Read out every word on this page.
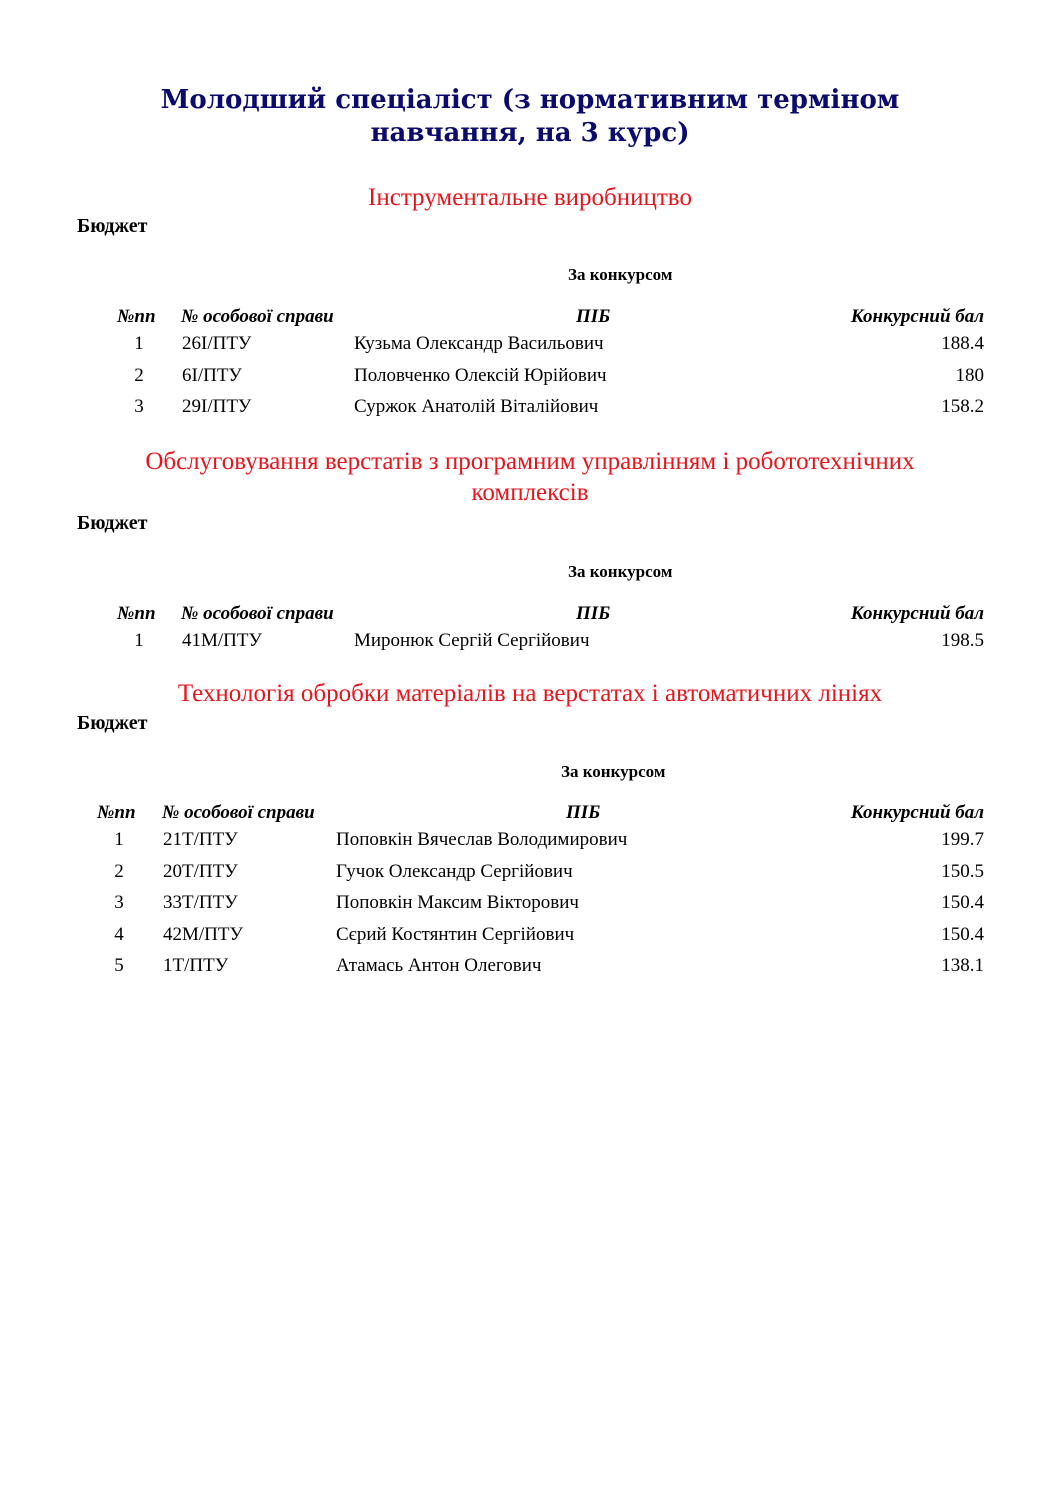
Молодший спеціаліст (з нормативним терміном
навчання, на 3 курс)
Інструментальне виробництво
Бюджет
За конкурсом
№пп № особової справи	ПІБ	Конкурсний бал
1	26І/ПТУ	Кузьма Олександр Васильович	188.4
2	6І/ПТУ	Половченко Олексій Юрійович	180
3	29І/ПТУ	Суржок Анатолій Віталійович	158.2
Обслуговування верстатів з програмним управлінням і робототехнічних
комплексів
Бюджет
За конкурсом
№пп № особової справи	ПІБ	Конкурсний бал
1	41М/ПТУ	Миронюк Сергій Сергійович	198.5
Технологія обробки матеріалів на верстатах і автоматичних лініях
Бюджет
За конкурсом
№пп № особової справи	ПІБ	Конкурсний бал
1	21Т/ПТУ	Поповкін Вячеслав Володимирович	199.7
2	20Т/ПТУ	Гучок Олександр Сергійович	150.5
3	33Т/ПТУ	Поповкін Максим Вікторович	150.4
4	42М/ПТУ	Сєрий Костянтин Сергійович	150.4
5	1Т/ПТУ	Атамась Антон Олегович	138.1
